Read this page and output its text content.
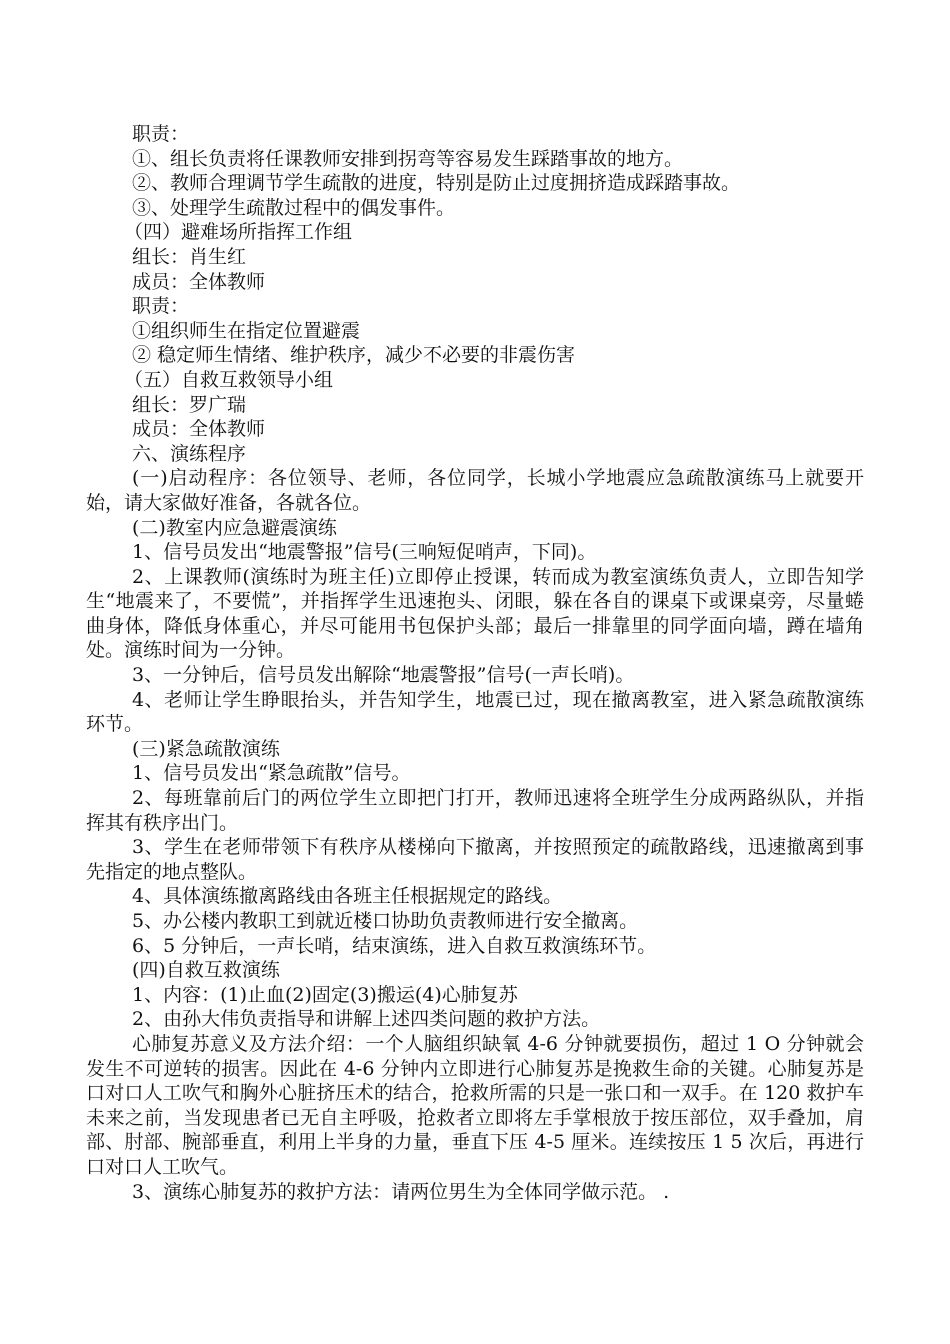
职责：

①、组长负责将任课教师安排到拐弯等容易发生踩踏事故的地方。

②、教师合理调节学生疏散的进度，特别是防止过度拥挤造成踩踏事故。

③、处理学生疏散过程中的偶发事件。

（四）避难场所指挥工作组

组长：肖生红

成员：全体教师

职责：

①组织师生在指定位置避震

② 稳定师生情绪、维护秩序，减少不必要的非震伤害

（五）自救互救领导小组

组长：罗广瑞

成员：全体教师

六、演练程序

(一)启动程序：各位领导、老师，各位同学，长城小学地震应急疏散演练马上就要开始，请大家做好准备，各就各位。

(二)教室内应急避震演练

1、信号员发出“地震警报”信号(三响短促哨声，下同)。

2、上课教师(演练时为班主任)立即停止授课，转而成为教室演练负责人，立即告知学生“地震来了，不要慌”，并指挥学生迅速抱头、闭眼，躲在各自的课桌下或课桌旁，尽量蜷曲身体，降低身体重心，并尽可能用书包保护头部；最后一排靠里的同学面向墙，蹲在墙角处。演练时间为一分钟。

3、一分钟后，信号员发出解除“地震警报”信号(一声长哨)。

4、老师让学生睁眼抬头，并告知学生，地震已过，现在撤离教室，进入紧急疏散演练环节。

(三)紧急疏散演练

1、信号员发出“紧急疏散”信号。

2、每班靠前后门的两位学生立即把门打开，教师迅速将全班学生分成两路纵队，并指挥其有秩序出门。

3、学生在老师带领下有秩序从楼梯向下撤离，并按照预定的疏散路线，迅速撤离到事先指定的地点整队。

4、具体演练撤离路线由各班主任根据规定的路线。

5、办公楼内教职工到就近楼口协助负责教师进行安全撤离。

6、5 分钟后，一声长哨，结束演练，进入自救互救演练环节。

(四)自救互救演练

1、内容：(1)止血(2)固定(3)搬运(4)心肺复苏

2、由孙大伟负责指导和讲解上述四类问题的救护方法。

心肺复苏意义及方法介绍：一个人脑组织缺氧 4-6 分钟就要损伤，超过 1 O 分钟就会发生不可逆转的损害。因此在 4-6 分钟内立即进行心肺复苏是挽救生命的关键。心肺复苏是口对口人工吹气和胸外心脏挤压术的结合，抢救所需的只是一张口和一双手。在 120 救护车未来之前，当发现患者已无自主呼吸，抢救者立即将左手掌根放于按压部位，双手叠加，肩部、肘部、腕部垂直，利用上半身的力量，垂直下压 4-5 厘米。连续按压 1 5 次后，再进行口对口人工吹气。

3、演练心肺复苏的救护方法：请两位男生为全体同学做示范。 .
